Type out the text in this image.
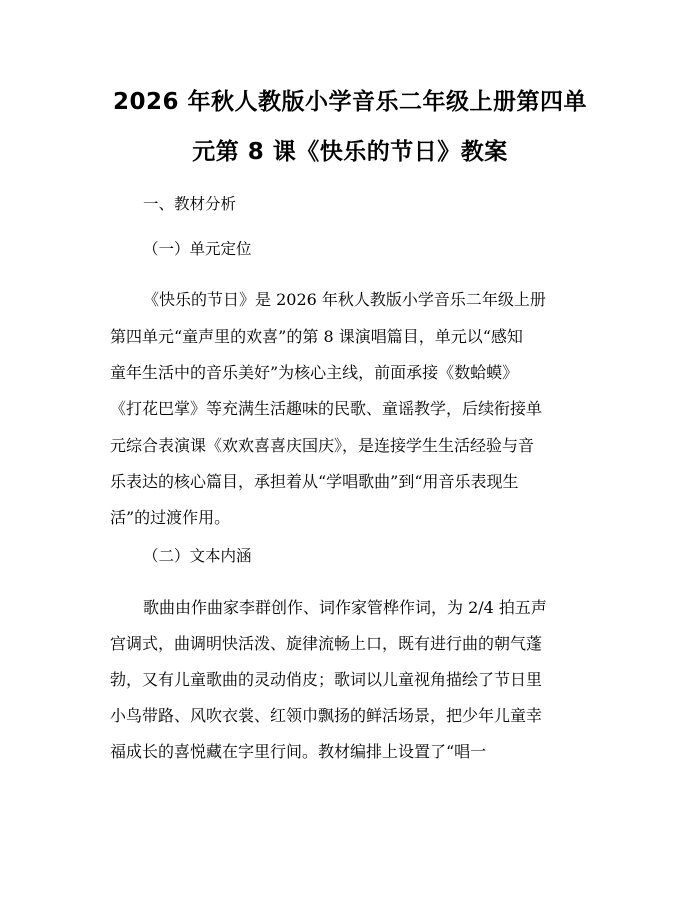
2026 年秋人教版小学音乐二年级上册第四单
元第 8 课《快乐的节日》教案
一、教材分析
（一）单元定位
《快乐的节日》是 2026 年秋人教版小学音乐二年级上册
第四单元“童声里的欢喜”的第 8 课演唱篇目，单元以“感知
童年生活中的音乐美好”为核心主线，前面承接《数蛤蟆》
《打花巴掌》等充满生活趣味的民歌、童谣教学，后续衔接单
元综合表演课《欢欢喜喜庆国庆》，是连接学生生活经验与音
乐表达的核心篇目，承担着从“学唱歌曲”到“用音乐表现生
活”的过渡作用。
（二）文本内涵
歌曲由作曲家李群创作、词作家管桦作词，为 2/4 拍五声
宫调式，曲调明快活泼、旋律流畅上口，既有进行曲的朝气蓬
勃，又有儿童歌曲的灵动俏皮；歌词以儿童视角描绘了节日里
小鸟带路、风吹衣裳、红领巾飘扬的鲜活场景，把少年儿童幸
福成长的喜悦藏在字里行间。教材编排上设置了“唱一
